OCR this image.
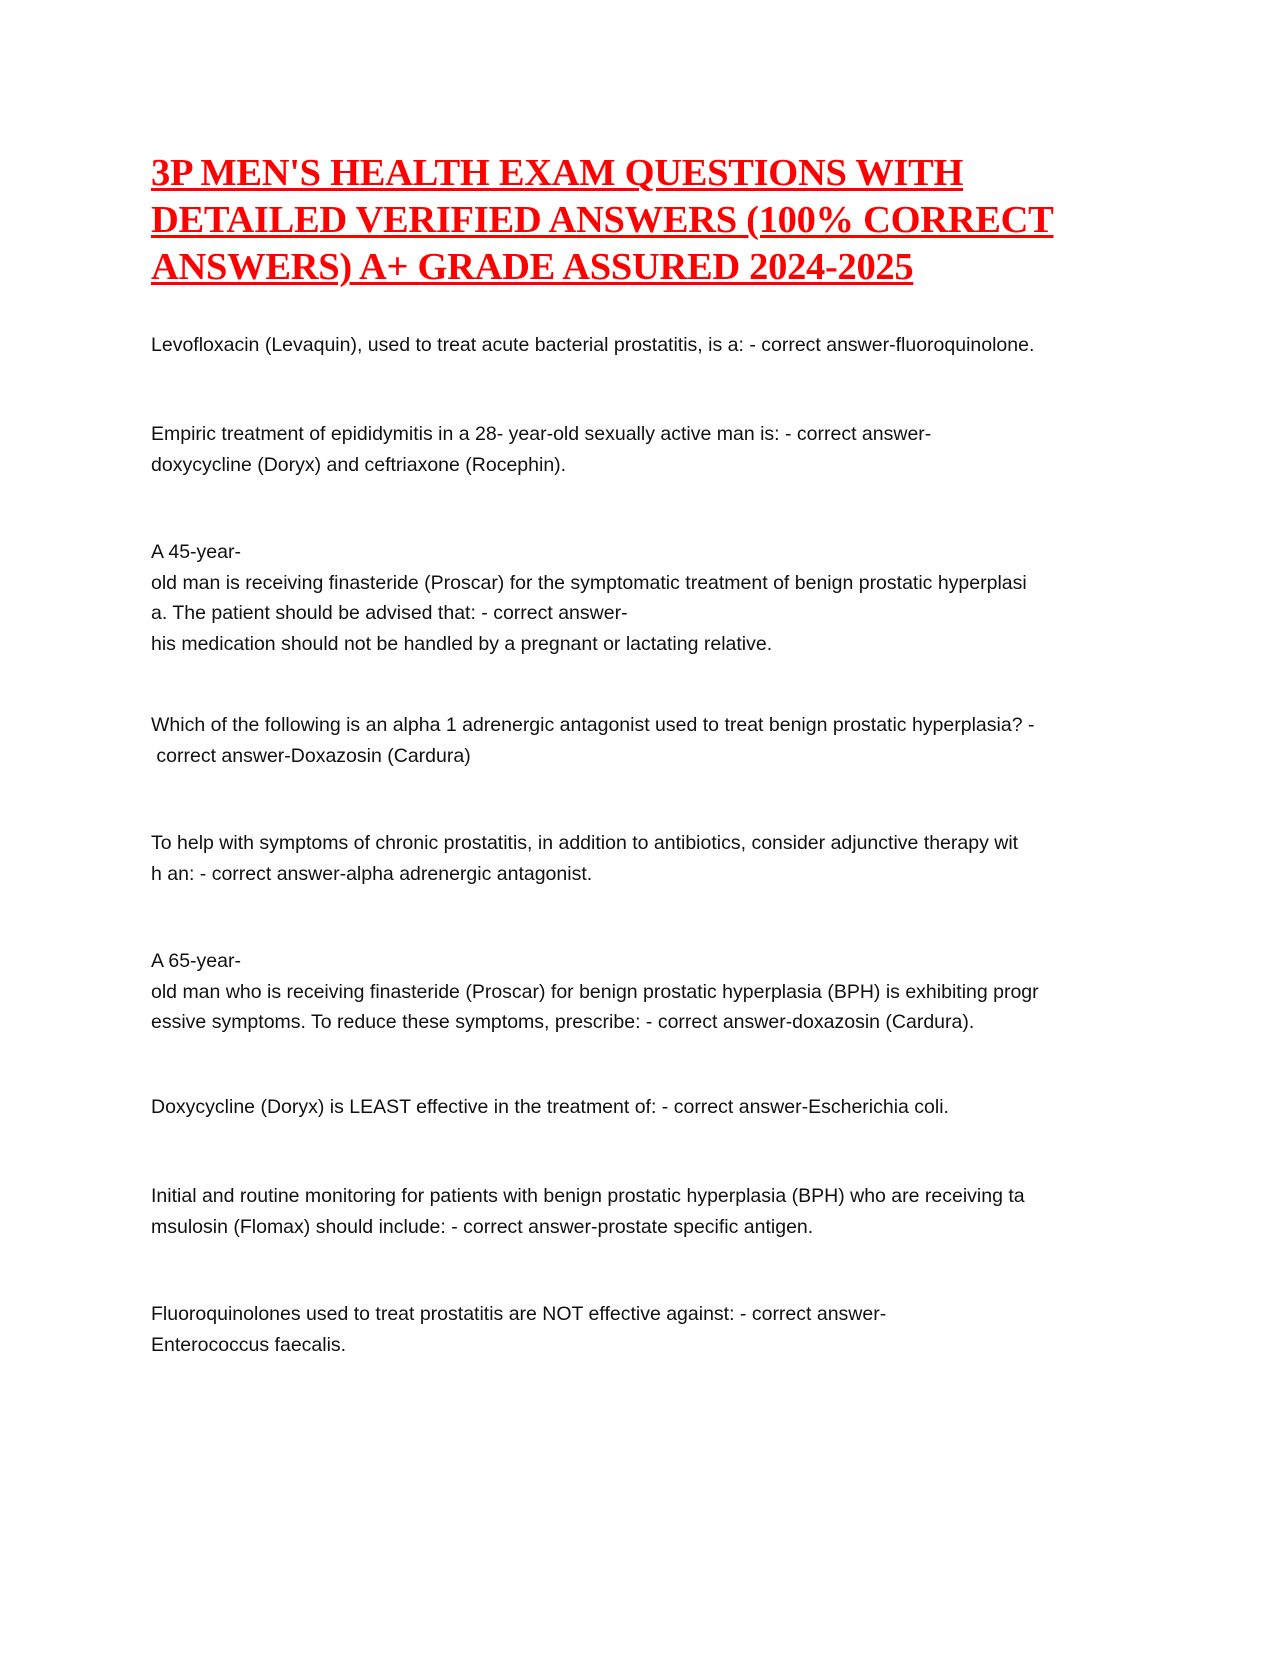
3P MEN'S HEALTH EXAM QUESTIONS WITH
DETAILED VERIFIED ANSWERS (100% CORRECT
ANSWERS) A+ GRADE ASSURED 2024-2025

Levofloxacin (Levaquin), used to treat acute bacterial prostatitis, is a: - correct answer-fluoroquinolone.

Empiric treatment of epididymitis in a 28- year-old sexually active man is: - correct answer-
doxycycline (Doryx) and ceftriaxone (Rocephin).

A 45-year-
old man is receiving finasteride (Proscar) for the symptomatic treatment of benign prostatic hyperplasi
a. The patient should be advised that: - correct answer-
his medication should not be handled by a pregnant or lactating relative.

Which of the following is an alpha 1 adrenergic antagonist used to treat benign prostatic hyperplasia? -
correct answer-Doxazosin (Cardura)

To help with symptoms of chronic prostatitis, in addition to antibiotics, consider adjunctive therapy wit
h an: - correct answer-alpha adrenergic antagonist.

A 65-year-
old man who is receiving finasteride (Proscar) for benign prostatic hyperplasia (BPH) is exhibiting progr
essive symptoms. To reduce these symptoms, prescribe: - correct answer-doxazosin (Cardura).

Doxycycline (Doryx) is LEAST effective in the treatment of: - correct answer-Escherichia coli.

Initial and routine monitoring for patients with benign prostatic hyperplasia (BPH) who are receiving ta
msulosin (Flomax) should include: - correct answer-prostate specific antigen.

Fluoroquinolones used to treat prostatitis are NOT effective against: - correct answer-
Enterococcus faecalis.
